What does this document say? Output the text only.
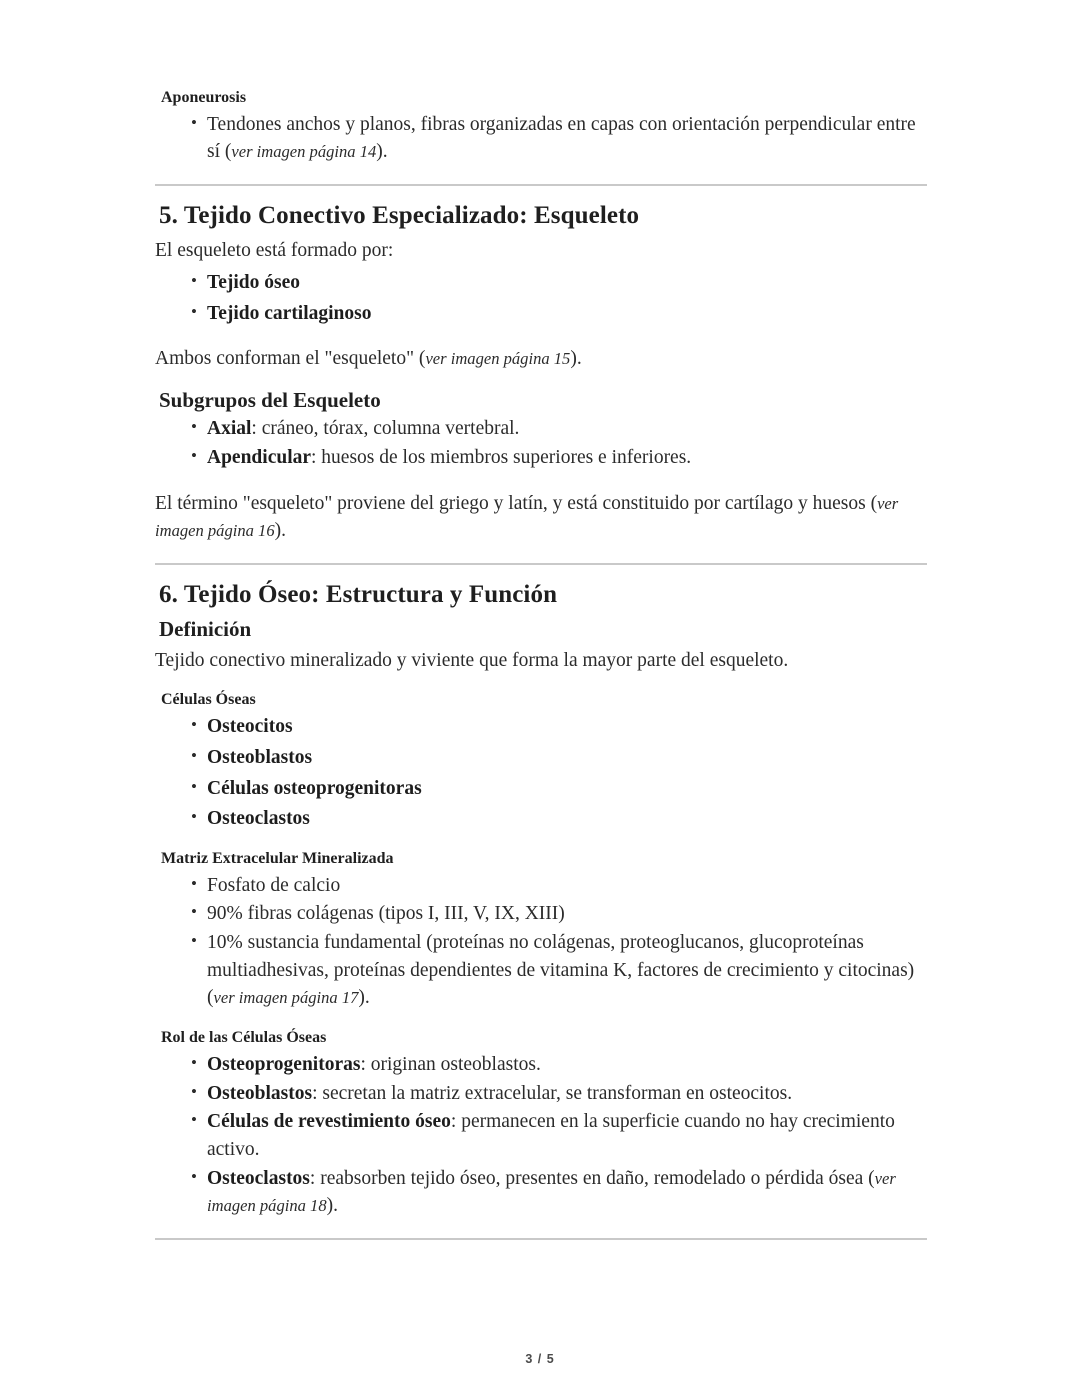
Aponeurosis
• Tendones anchos y planos, fibras organizadas en capas con orientación perpendicular entre sí (ver imagen página 14).
5. Tejido Conectivo Especializado: Esqueleto

El esqueleto está formado por:

• Tejido óseo
• Tejido cartilaginoso

Ambos conforman el "esqueleto" (ver imagen página 15).

Subgrupos del Esqueleto
• Axial: cráneo, tórax, columna vertebral.
• Apendicular: huesos de los miembros superiores e inferiores.

El término "esqueleto" proviene del griego y latín, y está constituido por cartílago y huesos (ver imagen página 16).

6. Tejido Óseo: Estructura y Función
Definición

Tejido conectivo mineralizado y viviente que forma la mayor parte del esqueleto.

Células Óseas
• Osteocitos
• Osteoblastos
• Células osteoprogenitoras
• Osteoclastos
Matriz Extracelular Mineralizada
• Fosfato de calcio
• 90% fibras colágenas (tipos I, III, V, IX, XIII)
• 10% sustancia fundamental (proteínas no colágenas, proteoglucanos, glucoproteínas multiadhesivas, proteínas dependientes de vitamina K, factores de crecimiento y citocinas) (ver imagen página 17).
Rol de las Células Óseas
• Osteoprogenitoras: originan osteoblastos.
• Osteoblastos: secretan la matriz extracelular, se transforman en osteocitos.
• Células de revestimiento óseo: permanecen en la superficie cuando no hay crecimiento activo.
• Osteoclastos: reabsorben tejido óseo, presentes en daño, remodelado o pérdida ósea (ver imagen página 18).
3 / 5
